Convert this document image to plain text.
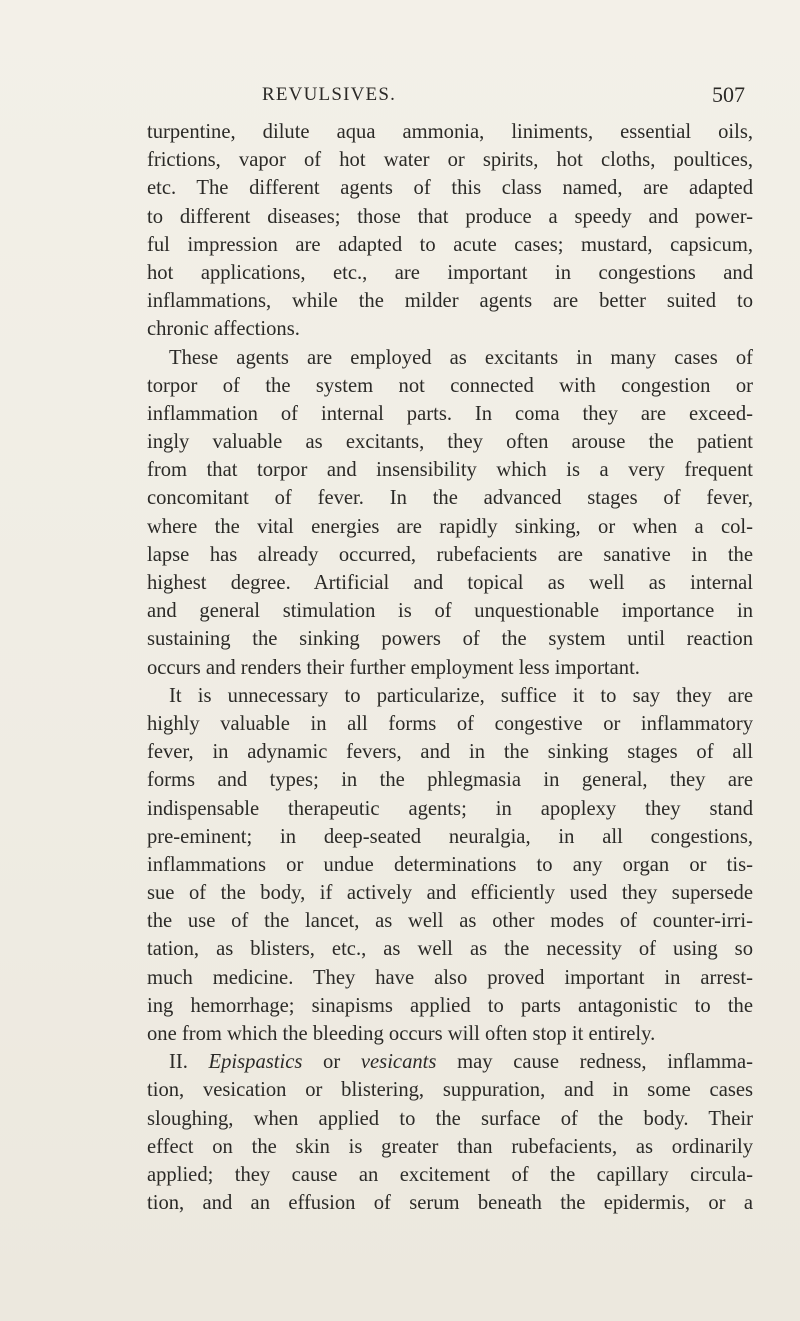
REVULSIVES.	507
turpentine, dilute aqua ammonia, liniments, essential oils,
frictions, vapor of hot water or spirits, hot cloths, poultices,
etc. The different agents of this class named, are adapted
to different diseases; those that produce a speedy and power-
ful impression are adapted to acute cases; mustard, capsicum,
hot applications, etc., are important in congestions and
inflammations, while the milder agents are better suited to
chronic affections.
These agents are employed as excitants in many cases of
torpor of the system not connected with congestion or
inflammation of internal parts. In coma they are exceed-
ingly valuable as excitants, they often arouse the patient
from that torpor and insensibility which is a very frequent
concomitant of fever. In the advanced stages of fever,
where the vital energies are rapidly sinking, or when a col-
lapse has already occurred, rubefacients are sanative in the
highest degree. Artificial and topical as well as internal
and general stimulation is of unquestionable importance in
sustaining the sinking powers of the system until reaction
occurs and renders their further employment less important.
It is unnecessary to particularize, suffice it to say they are
highly valuable in all forms of congestive or inflammatory
fever, in adynamic fevers, and in the sinking stages of all
forms and types; in the phlegmasia in general, they are
indispensable therapeutic agents; in apoplexy they stand
pre-eminent; in deep-seated neuralgia, in all congestions,
inflammations or undue determinations to any organ or tis-
sue of the body, if actively and efficiently used they supersede
the use of the lancet, as well as other modes of counter-irri-
tation, as blisters, etc., as well as the necessity of using so
much medicine. They have also proved important in arrest-
ing hemorrhage; sinapisms applied to parts antagonistic to the
one from which the bleeding occurs will often stop it entirely.
II. Epispastics or vesicants may cause redness, inflamma-
tion, vesication or blistering, suppuration, and in some cases
sloughing, when applied to the surface of the body. Their
effect on the skin is greater than rubefacients, as ordinarily
applied; they cause an excitement of the capillary circula-
tion, and an effusion of serum beneath the epidermis, or a
